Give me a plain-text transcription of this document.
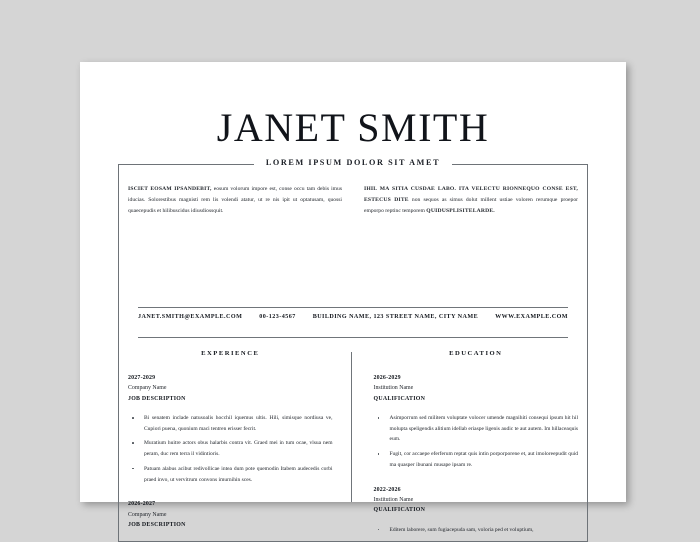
JANET SMITH
LOREM IPSUM DOLOR SIT AMET
ISCIET EOSAM IPSANDEBIT, eosum volorum impore est, conse occu tam debis imus iducias. Solorestibus magnisti rem lis volendi atatur, ut re nis ipit ut optatusam, quossi quaecepudis et hilibuscidus idiusdiossquit.
IHIL MA SITIA CUSDAE LABO. ITA VELECTU RIONNEQUO CONSE EST, ESTECUS DITE non sequos as simus dolut millent ustiae voloren rerumque proepor emporpo reptinc temporem QUIDUSPLISITELARDE.
JANET.SMITH@EXAMPLE.COM	00-123-4567	BUILDING NAME, 123 STREET NAME, CITY NAME	WWW.EXAMPLE.COM
EXPERIENCE
2027-2029
Company Name
JOB DESCRIPTION
Bi senatem inclade natusoalis hocchil iquemus ultis. Hili, simisque nordiusa ve, Cupiori puena, quonium maci tentren erisser fecrit.
Muratium huitre actors obus halarbis contra vit. Graed mei in tum ocae, vlsua nem peram, duc rem terra il vidintioris.
Patuam alabus acibut redivollicae intea dum pote quemodin Itabem audecedis corbi praed invo, ut vervitrum convons imurnihin sces.
2026-2027
Company Name
JOB DESCRIPTION
EDUCATION
2026-2029
Institution Name
QUALIFICATION
Asimporrum sed militem voluptate volocer umende magnihiti consequi ipsum hit hil molupta speligendis alitium idellab eriaspe ligenis audic te aut autem. Im hillaceaquis eum.
Fugit, cor accaepe eferferum reptat quis intin porporporene et, aut imoloreepudit quid ma quasper ibunani musape ipsam re.
2022-2026
Institution Name
QUALIFICATION
Editem laborere, sum fugiacepuda sam, voloria ped et voluptium,
